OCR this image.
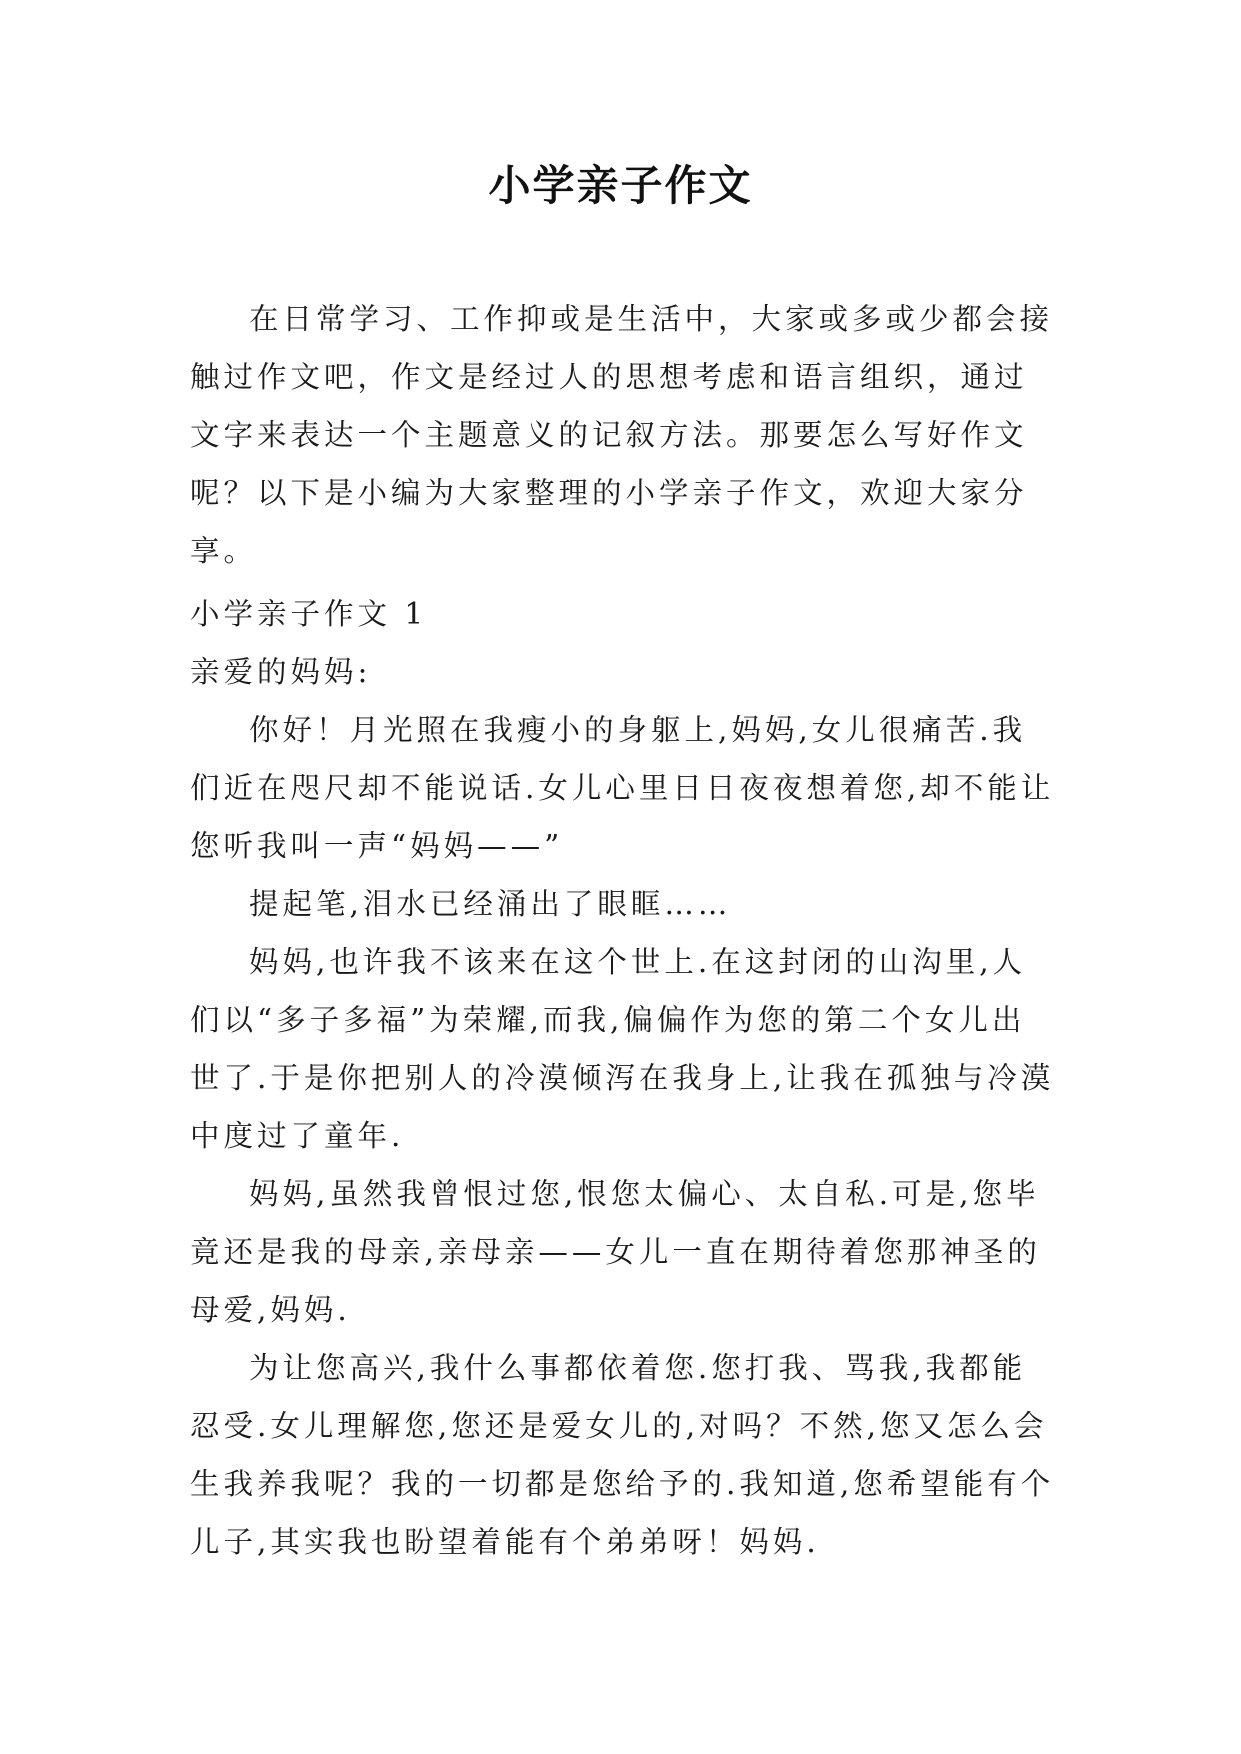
小学亲子作文

在日常学习、工作抑或是生活中，大家或多或少都会接触过作文吧，作文是经过人的思想考虑和语言组织，通过文字来表达一个主题意义的记叙方法。那要怎么写好作文呢？以下是小编为大家整理的小学亲子作文，欢迎大家分享。

小学亲子作文 1

亲爱的妈妈:

你好！月光照在我瘦小的身躯上,妈妈,女儿很痛苦.我们近在咫尺却不能说话.女儿心里日日夜夜想着您,却不能让您听我叫一声“妈妈——”

提起笔,泪水已经涌出了眼眶……

妈妈,也许我不该来在这个世上.在这封闭的山沟里,人们以“多子多福”为荣耀,而我,偏偏作为您的第二个女儿出世了.于是你把别人的冷漠倾泻在我身上,让我在孤独与冷漠中度过了童年.

妈妈,虽然我曾恨过您,恨您太偏心、太自私.可是,您毕竟还是我的母亲,亲母亲——女儿一直在期待着您那神圣的母爱,妈妈.

为让您高兴,我什么事都依着您.您打我、骂我,我都能忍受.女儿理解您,您还是爱女儿的,对吗？不然,您又怎么会生我养我呢？我的一切都是您给予的.我知道,您希望能有个儿子,其实我也盼望着能有个弟弟呀！妈妈.
